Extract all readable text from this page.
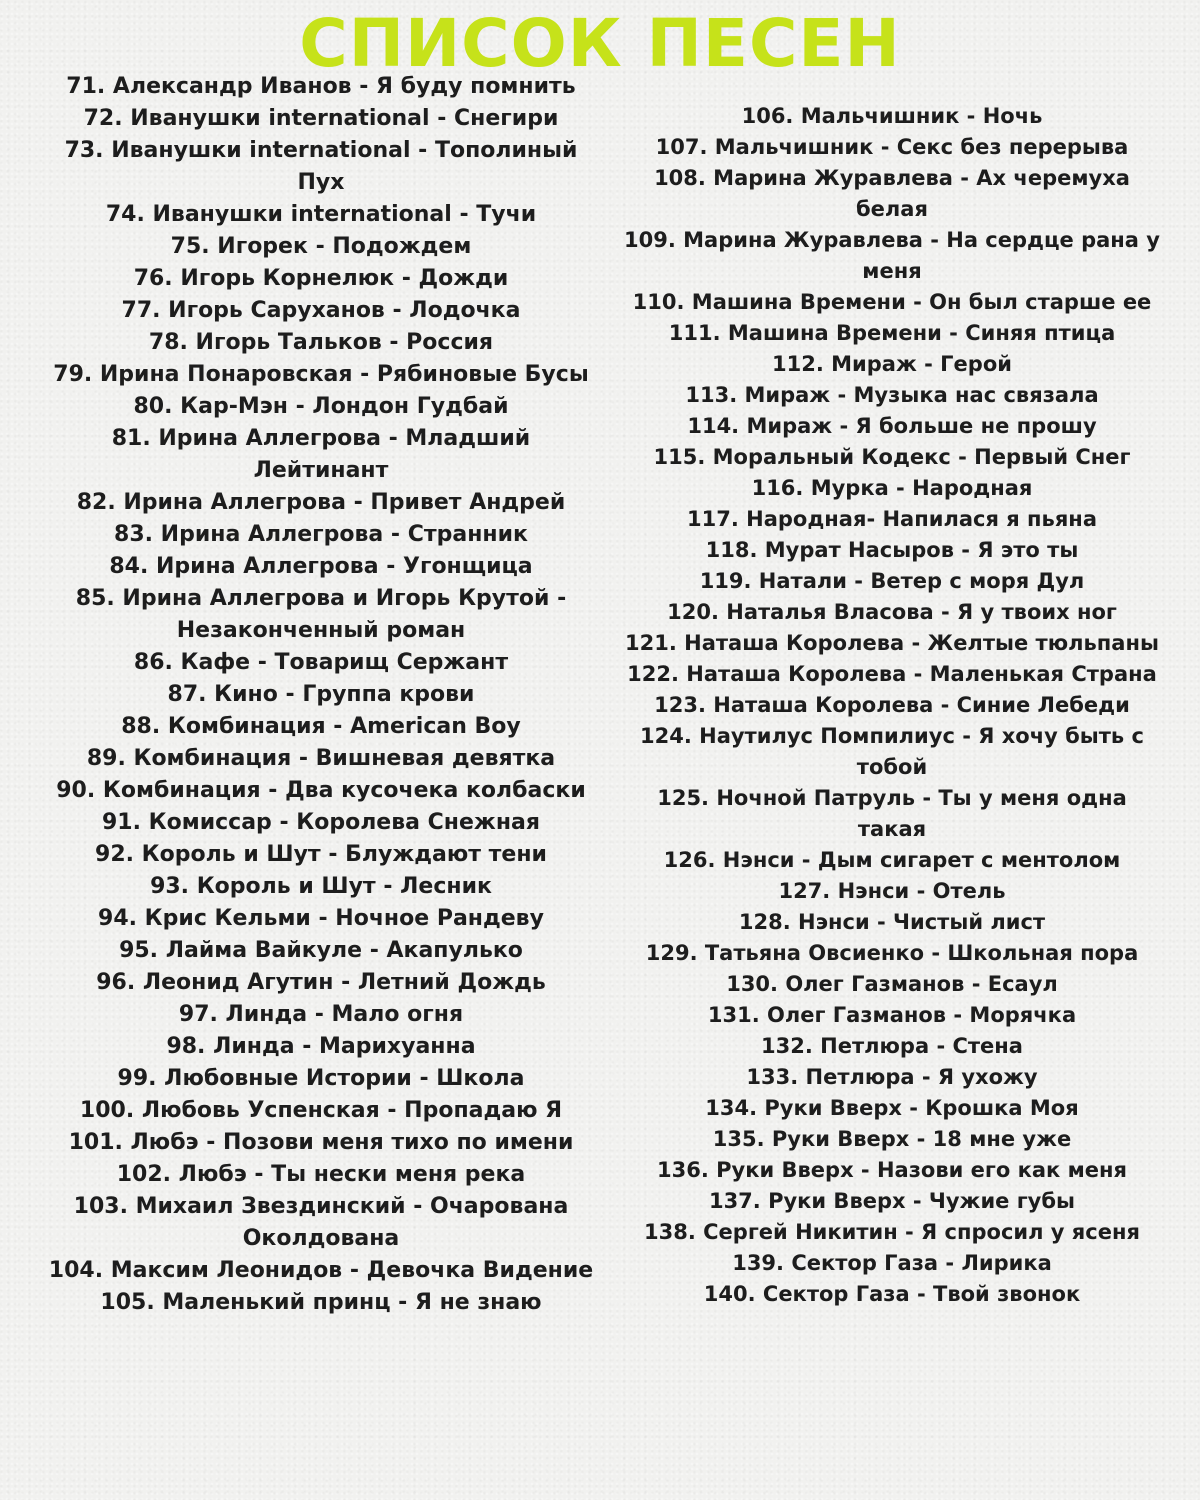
СПИСОК ПЕСЕН
71. Александр Иванов - Я буду помнить
72. Иванушки international - Снегири
73. Иванушки international - Тополиный Пух
74. Иванушки international - Тучи
75. Игорек - Подождем
76. Игорь Корнелюк - Дожди
77. Игорь Саруханов - Лодочка
78. Игорь Тальков - Россия
79. Ирина Понаровская - Рябиновые Бусы
80. Кар-Мэн - Лондон Гудбай
81. Ирина Аллегрова - Младший Лейтинант
82. Ирина Аллегрова - Привет Андрей
83. Ирина Аллегрова - Странник
84. Ирина Аллегрова - Угонщица
85. Ирина Аллегрова и Игорь Крутой - Незаконченный роман
86. Кафе - Товарищ Сержант
87. Кино - Группа крови
88. Комбинация - American Boy
89. Комбинация - Вишневая девятка
90. Комбинация - Два кусочека колбаски
91. Комиссар - Королева Снежная
92. Король и Шут - Блуждают тени
93. Король и Шут - Лесник
94. Крис Кельми - Ночное Рандеву
95. Лайма Вайкуле - Акапулько
96. Леонид Агутин - Летний Дождь
97. Линда - Мало огня
98. Линда - Марихуанна
99. Любовные Истории - Школа
100. Любовь Успенская - Пропадаю Я
101. Любэ - Позови меня тихо по имени
102. Любэ - Ты нески меня река
103. Михаил Звездинский - Очарована Околдована
104. Максим Леонидов - Девочка Видение
105. Маленький принц - Я не знаю
106. Мальчишник - Ночь
107. Мальчишник - Секс без перерыва
108. Марина Журавлева - Ах черемуха белая
109. Марина Журавлева - На сердце рана у меня
110. Машина Времени - Он был старше ее
111. Машина Времени - Синяя птица
112. Мираж - Герой
113. Мираж - Музыка нас связала
114. Мираж - Я больше не прошу
115. Моральный Кодекс - Первый Снег
116. Мурка - Народная
117. Народная- Напилася я пьяна
118. Мурат Насыров - Я это ты
119. Натали - Ветер с моря Дул
120. Наталья Власова - Я у твоих ног
121. Наташа Королева - Желтые тюльпаны
122. Наташа Королева - Маленькая Страна
123. Наташа Королева - Синие Лебеди
124. Наутилус Помпилиус - Я хочу быть с тобой
125. Ночной Патруль - Ты у меня одна такая
126. Нэнси - Дым сигарет с ментолом
127. Нэнси - Отель
128. Нэнси - Чистый лист
129. Татьяна Овсиенко - Школьная пора
130. Олег Газманов - Есаул
131. Олег Газманов - Морячка
132. Петлюра - Стена
133. Петлюра - Я ухожу
134. Руки Вверх - Крошка Моя
135. Руки Вверх - 18 мне уже
136. Руки Вверх - Назови его как меня
137. Руки Вверх - Чужие губы
138. Сергей Никитин - Я спросил у ясеня
139. Сектор Газа - Лирика
140. Сектор Газа - Твой звонок
